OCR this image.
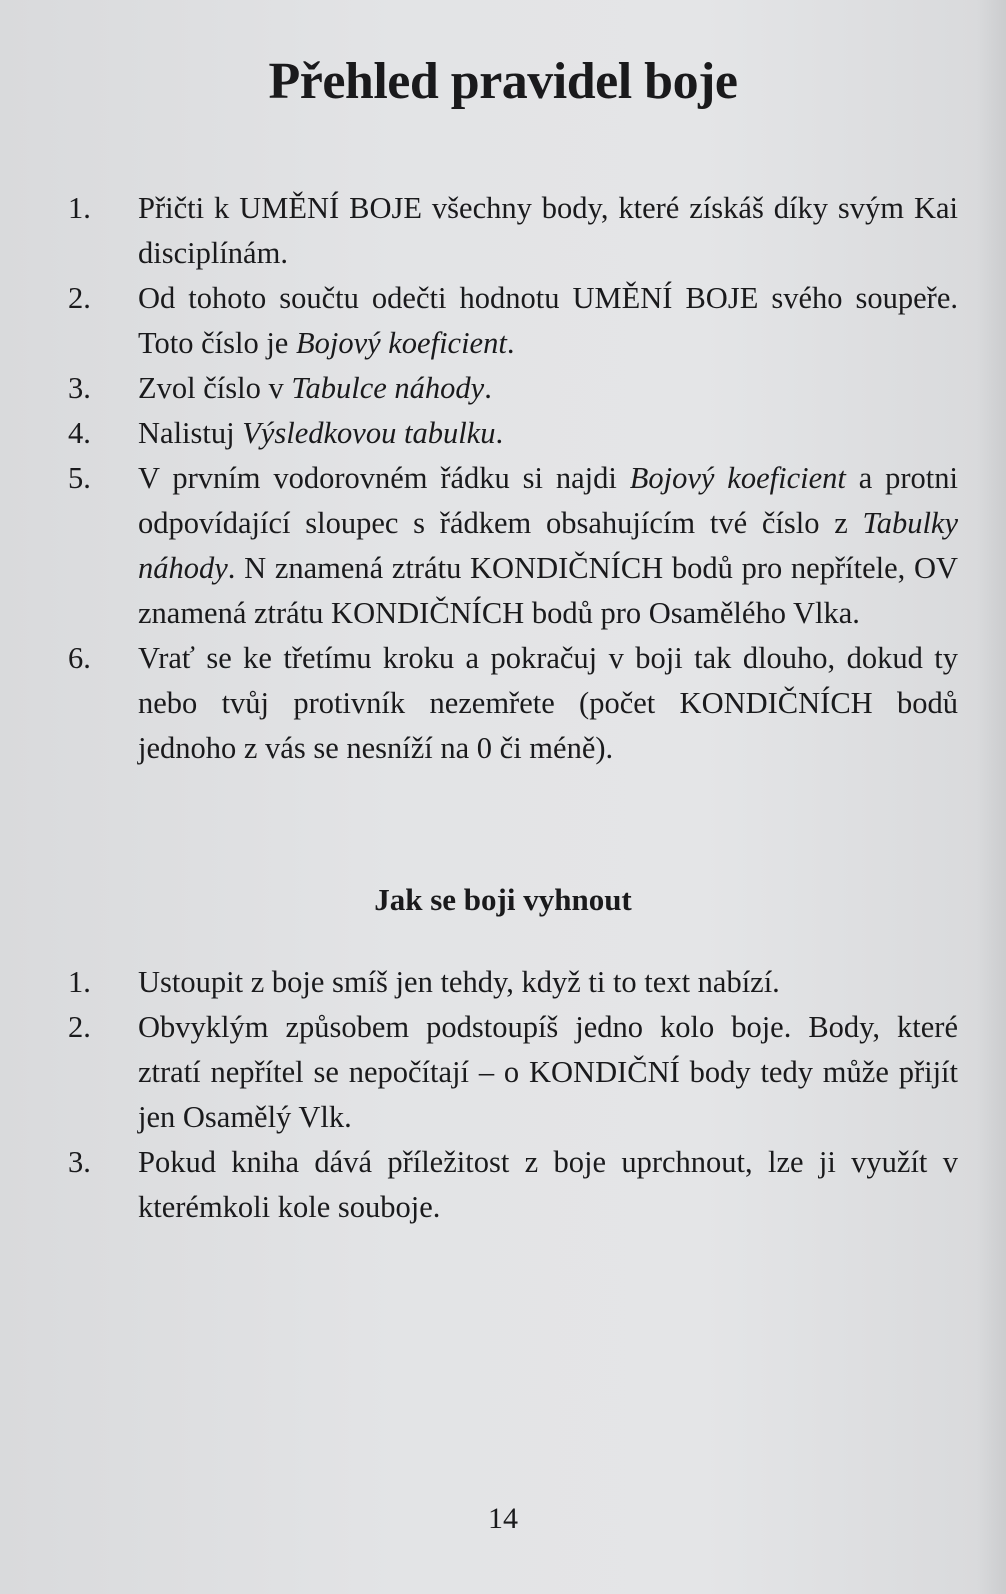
Přehled pravidel boje
1. Přičti k UMĚNÍ BOJE všechny body, které získáš díky svým Kai disciplínám.
2. Od tohoto součtu odečti hodnotu UMĚNÍ BOJE svého soupeře. Toto číslo je Bojový koeficient.
3. Zvol číslo v Tabulce náhody.
4. Nalistuj Výsledkovou tabulku.
5. V prvním vodorovném řádku si najdi Bojový koeficient a protni odpovídající sloupec s řádkem obsahujícím tvé číslo z Tabulky náhody. N znamená ztrátu KONDIČNÍCH bodů pro nepřítele, OV znamená ztrátu KONDIČNÍCH bodů pro Osamělého Vlka.
6. Vrať se ke třetímu kroku a pokračuj v boji tak dlouho, dokud ty nebo tvůj protivník nezemřete (počet KONDIČNÍCH bodů jednoho z vás se nesníží na 0 či méně).
Jak se boji vyhnout
1. Ustoupit z boje smíš jen tehdy, když ti to text nabízí.
2. Obvyklým způsobem podstoupíš jedno kolo boje. Body, které ztratí nepřítel se nepočítají – o KONDIČNÍ body tedy může přijít jen Osamělý Vlk.
3. Pokud kniha dává příležitost z boje uprchnout, lze ji využít v kterémkoli kole souboje.
14
